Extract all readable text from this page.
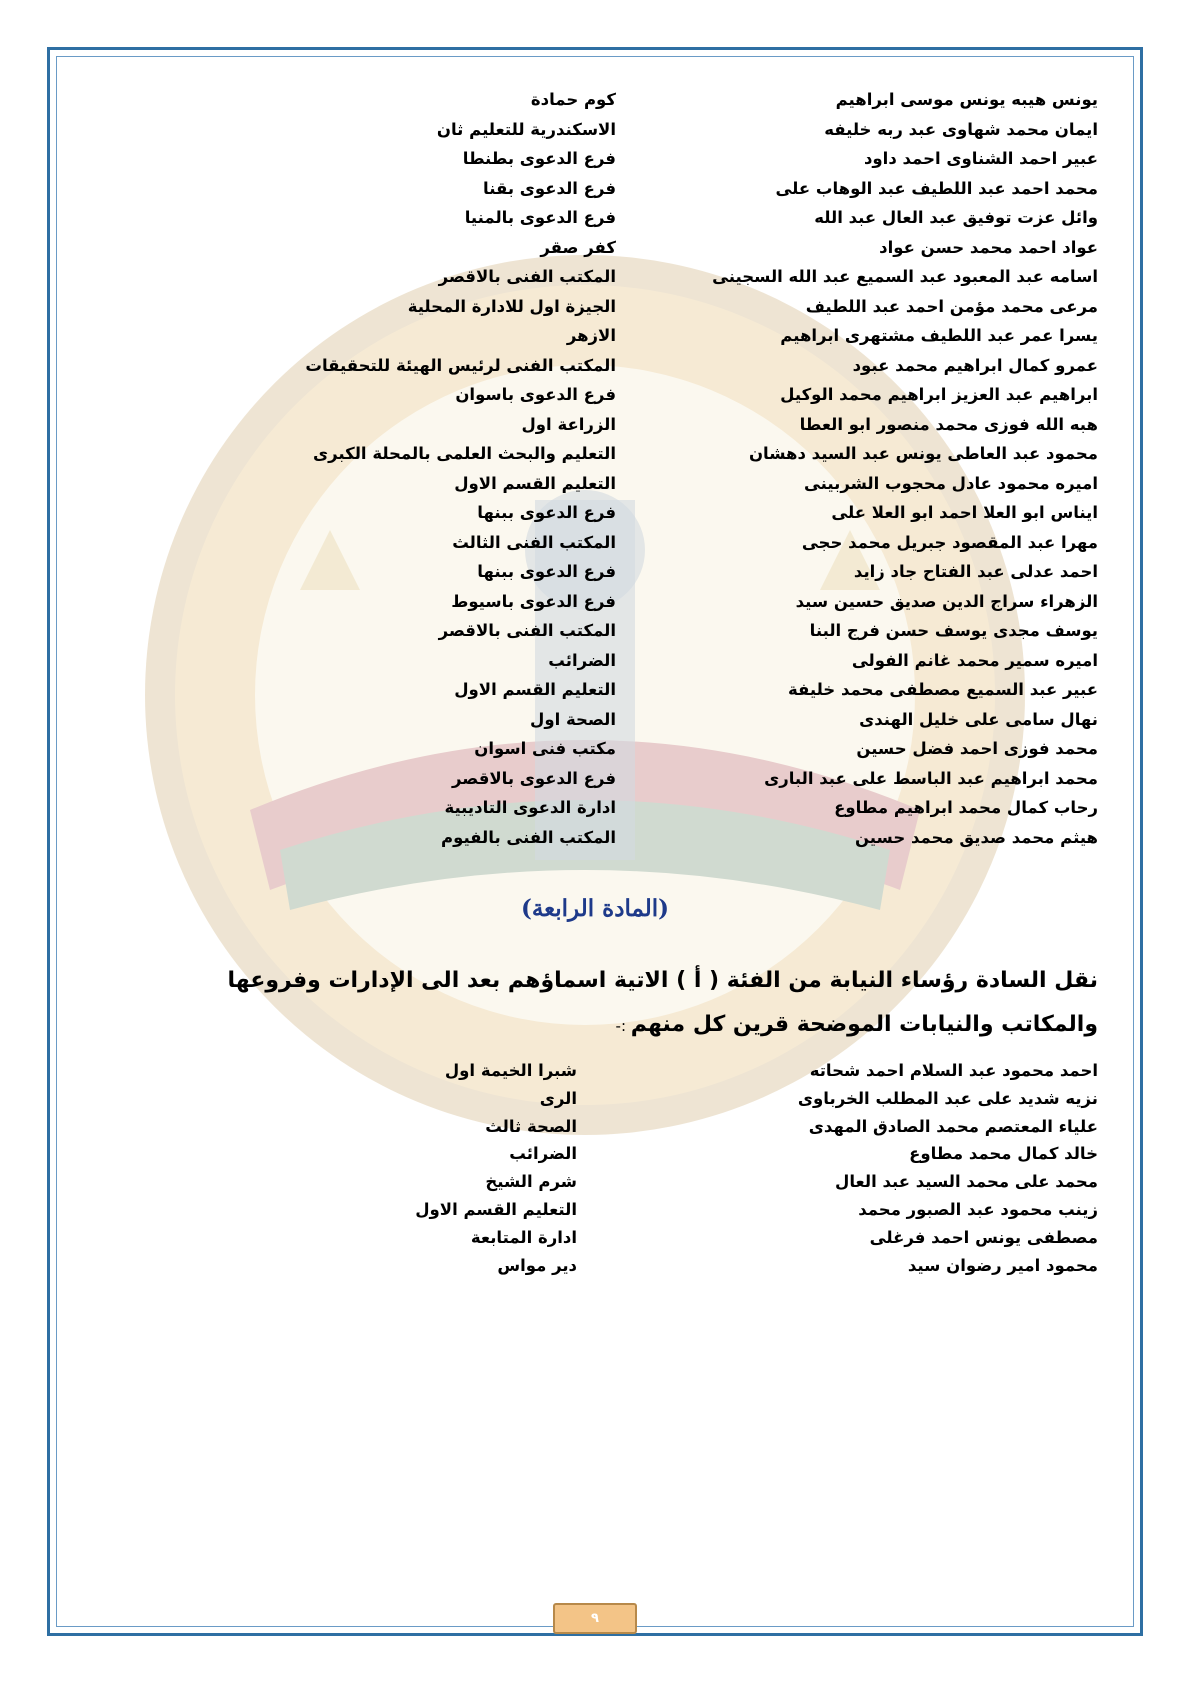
يونس هيبه يونس موسى ابراهيم
كوم حمادة
ايمان محمد شهاوى عبد ربه خليفه
الاسكندرية للتعليم ثان
عبير احمد الشناوى احمد داود
فرع الدعوى بطنطا
محمد احمد عبد اللطيف عبد الوهاب على
فرع الدعوى بقنا
وائل عزت توفيق عبد العال عبد الله
فرع الدعوى بالمنيا
عواد احمد محمد حسن عواد
كفر صقر
اسامه عبد المعبود عبد السميع عبد الله السجينى
المكتب الفنى بالاقصر
مرعى محمد مؤمن احمد عبد اللطيف
الجيزة اول للادارة المحلية
يسرا عمر عبد اللطيف مشتهرى ابراهيم
الازهر
عمرو كمال ابراهيم محمد عبود
المكتب الفنى لرئيس الهيئة للتحقيقات
ابراهيم عبد العزيز ابراهيم محمد الوكيل
فرع الدعوى باسوان
هبه الله فوزى محمد منصور ابو العطا
الزراعة اول
محمود عبد العاطى يونس عبد السيد دهشان
التعليم والبحث العلمى بالمحلة الكبرى
اميره محمود عادل محجوب الشربينى
التعليم القسم الاول
ايناس ابو العلا احمد ابو العلا على
فرع الدعوى ببنها
مهرا عبد المقصود جبريل محمد حجى
المكتب الفنى الثالث
احمد عدلى عبد الفتاح جاد زايد
فرع الدعوى ببنها
الزهراء سراج الدين صديق حسين سيد
فرع الدعوى باسيوط
يوسف مجدى يوسف حسن فرج البنا
المكتب الفنى بالاقصر
اميره سمير محمد غانم الفولى
الضرائب
عبير عبد السميع مصطفى محمد خليفة
التعليم القسم الاول
نهال سامى على خليل الهندى
الصحة اول
محمد فوزى احمد فضل حسين
مكتب فنى اسوان
محمد ابراهيم عبد الباسط على عبد البارى
فرع الدعوى بالاقصر
رحاب كمال محمد ابراهيم مطاوع
ادارة الدعوى التاديبية
هيثم محمد صديق محمد حسين
المكتب الفنى بالفيوم
(المادة الرابعة)
نقل السادة رؤساء النيابة من الفئة ( أ ) الاتية اسماؤهم بعد الى الإدارات وفروعها
والمكاتب والنيابات الموضحة قرين كل منهم :-
احمد محمود عبد السلام احمد شحاته
شبرا الخيمة اول
نزيه شديد على عبد المطلب الخرباوى
الرى
علياء المعتصم محمد الصادق المهدى
الصحة ثالث
خالد كمال محمد مطاوع
الضرائب
محمد على محمد السيد عبد العال
شرم الشيخ
زينب محمود عبد الصبور محمد
التعليم القسم الاول
مصطفى يونس احمد فرغلى
ادارة المتابعة
محمود امير رضوان سيد
دير مواس
٩
